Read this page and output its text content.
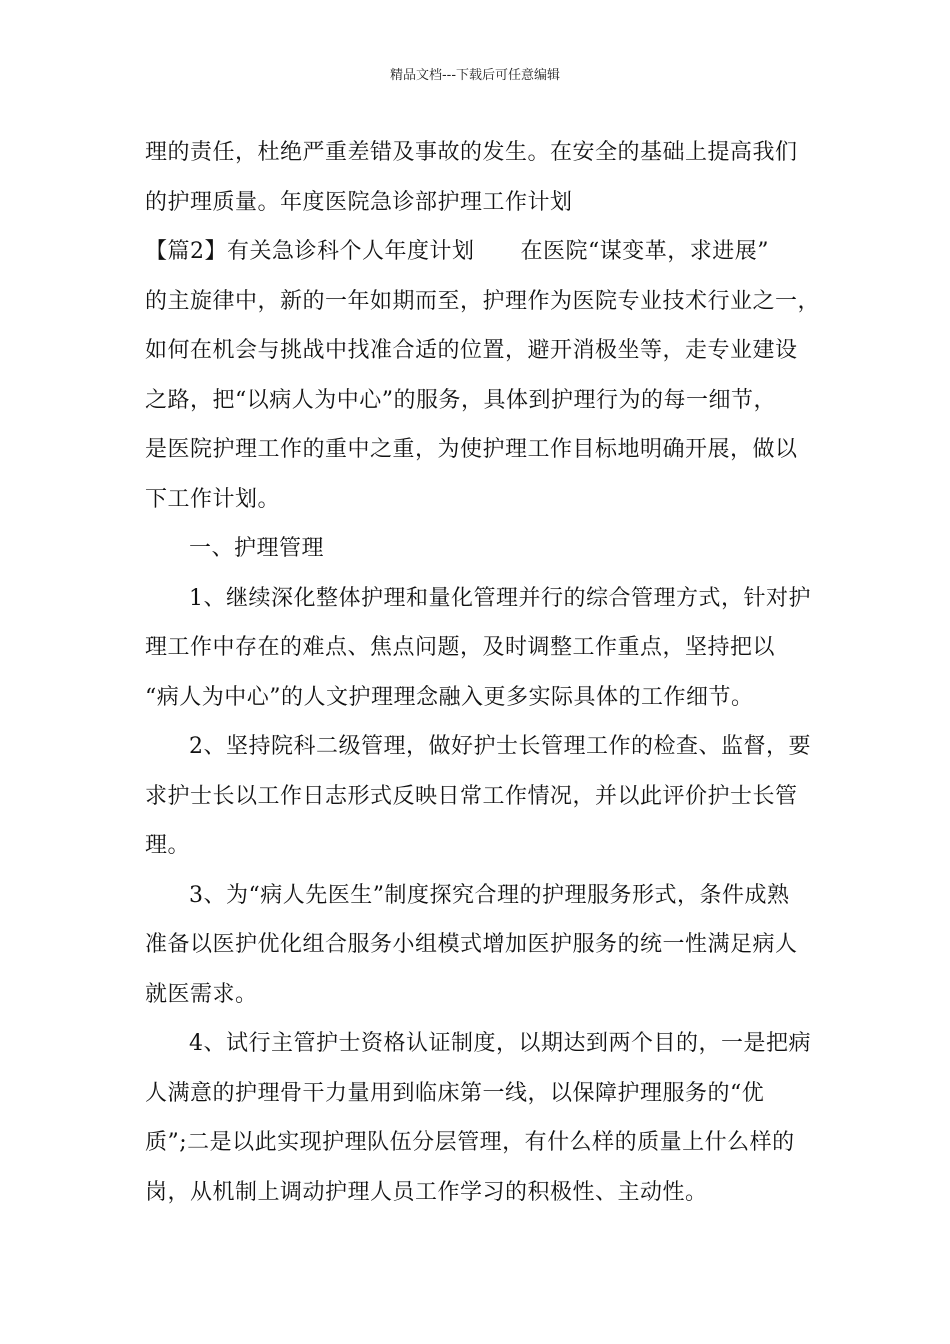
精品文档---下载后可任意编辑
理的责任，杜绝严重差错及事故的发生。在安全的基础上提高我们
的护理质量。年度医院急诊部护理工作计划
【篇2】有关急诊科个人年度计划 在医院“谋变革，求进展”
的主旋律中，新的一年如期而至，护理作为医院专业技术行业之一，
如何在机会与挑战中找准合适的位置，避开消极坐等，走专业建设
之路，把“以病人为中心”的服务，具体到护理行为的每一细节，
是医院护理工作的重中之重，为使护理工作目标地明确开展，做以
下工作计划。
一、护理管理
1、继续深化整体护理和量化管理并行的综合管理方式，针对护
理工作中存在的难点、焦点问题，及时调整工作重点，坚持把以
“病人为中心”的人文护理理念融入更多实际具体的工作细节。
2、坚持院科二级管理，做好护士长管理工作的检查、监督，要
求护士长以工作日志形式反映日常工作情况，并以此评价护士长管
理。
3、为“病人先医生”制度探究合理的护理服务形式，条件成熟
准备以医护优化组合服务小组模式增加医护服务的统一性满足病人
就医需求。
4、试行主管护士资格认证制度，以期达到两个目的，一是把病
人满意的护理骨干力量用到临床第一线，以保障护理服务的“优
质”;二是以此实现护理队伍分层管理，有什么样的质量上什么样的
岗，从机制上调动护理人员工作学习的积极性、主动性。
